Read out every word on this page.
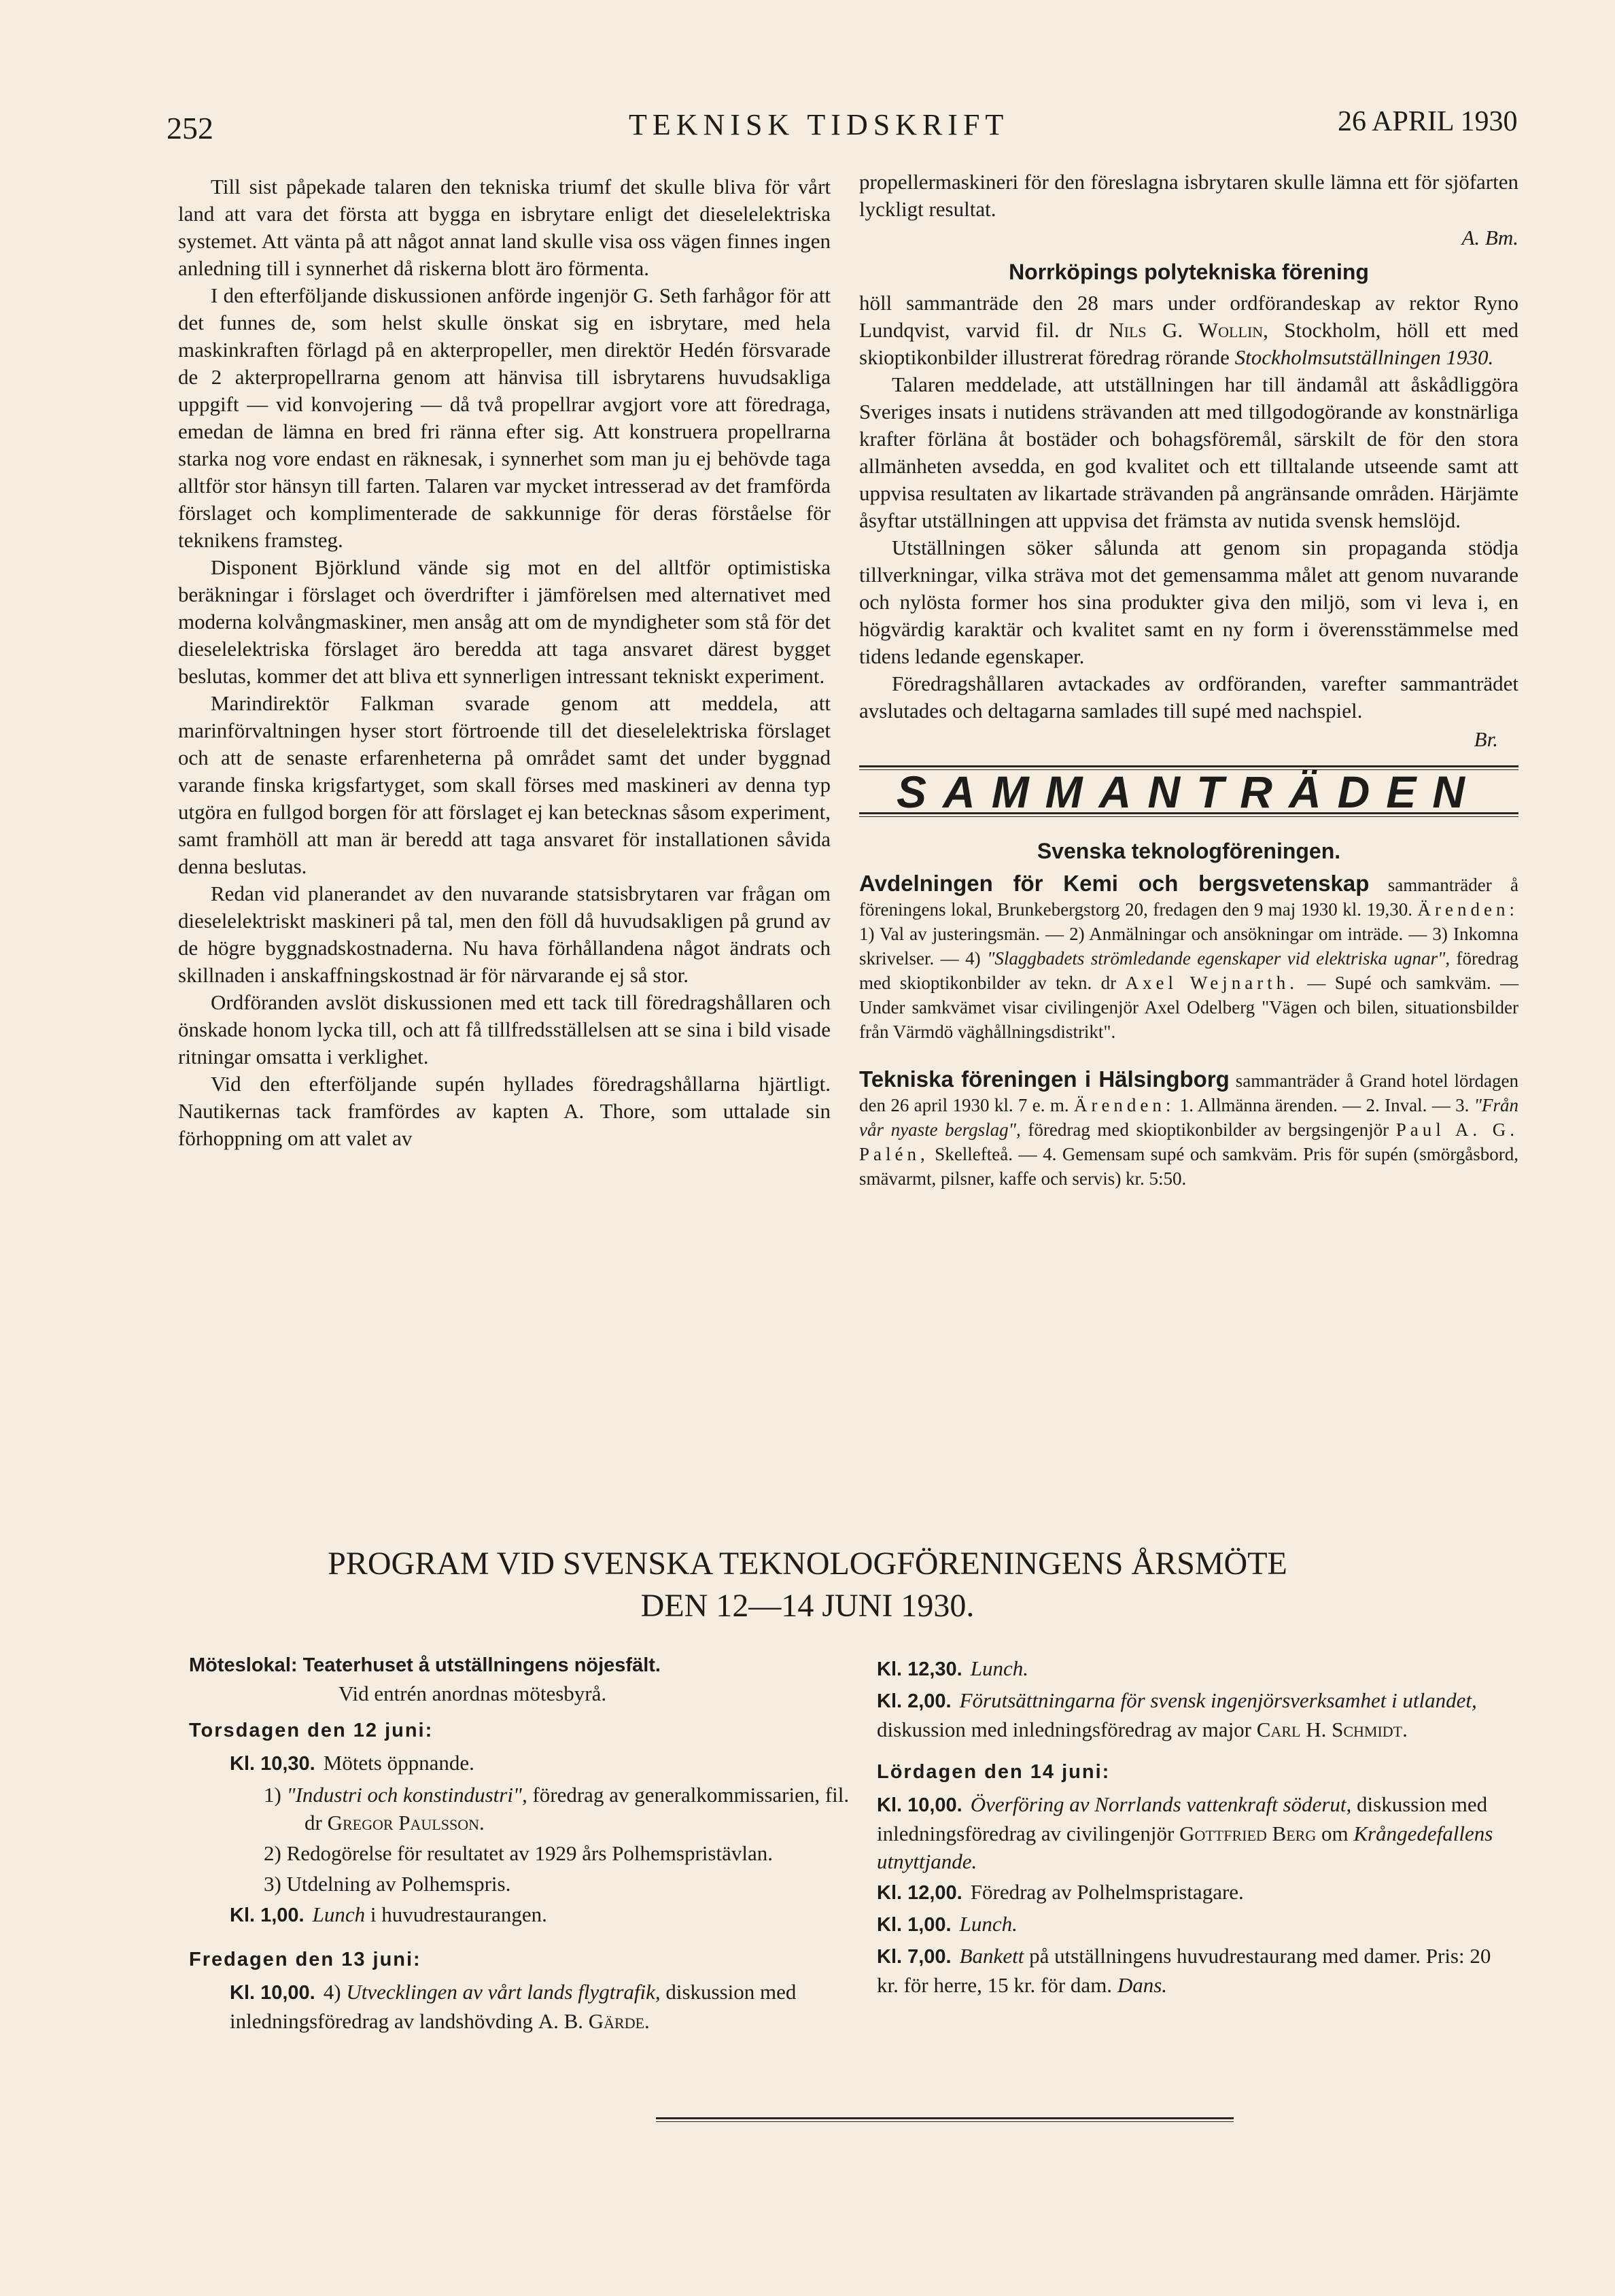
252	TEKNISK TIDSKRIFT	26 APRIL 1930

Till sist påpekade talaren den tekniska triumf det skulle bliva för vårt land att vara det första att bygga en isbrytare enligt det dieselelektriska systemet. Att vänta på att något annat land skulle visa oss vägen finnes ingen anledning till i synnerhet då riskerna blott äro förmenta.

I den efterföljande diskussionen anförde ingenjör G. Seth farhågor för att det funnes de, som helst skulle önskat sig en isbrytare, med hela maskinkraften förlagd på en akterpropeller, men direktör Hedén försvarade de 2 akterpropellrarna genom att hänvisa till isbrytarens huvudsakliga uppgift — vid konvojering — då två propellrar avgjort vore att föredraga, emedan de lämna en bred fri ränna efter sig. Att konstruera propellrarna starka nog vore endast en räknesak, i synnerhet som man ju ej behövde taga alltför stor hänsyn till farten. Talaren var mycket intresserad av det framförda förslaget och komplimenterade de sakkunnige för deras förståelse för teknikens framsteg.

Disponent Björklund vände sig mot en del alltför optimistiska beräkningar i förslaget och överdrifter i jämförelsen med alternativet med moderna kolvångmaskiner, men ansåg att om de myndigheter som stå för det dieselelektriska förslaget äro beredda att taga ansvaret därest bygget beslutas, kommer det att bliva ett synnerligen intressant tekniskt experiment.

Marindirektör Falkman svarade genom att meddela, att marinförvaltningen hyser stort förtroende till det dieselelektriska förslaget och att de senaste erfarenheterna på området samt det under byggnad varande finska krigsfartyget, som skall förses med maskineri av denna typ utgöra en fullgod borgen för att förslaget ej kan betecknas såsom experiment, samt framhöll att man är beredd att taga ansvaret för installationen såvida denna beslutas.

Redan vid planerandet av den nuvarande statsisbrytaren var frågan om dieselelektriskt maskineri på tal, men den föll då huvudsakligen på grund av de högre byggnadskostnaderna. Nu hava förhållandena något ändrats och skillnaden i anskaffningskostnad är för närvarande ej så stor.

Ordföranden avslöt diskussionen med ett tack till föredragshållaren och önskade honom lycka till, och att få tillfredsställelsen att se sina i bild visade ritningar omsatta i verklighet.

Vid den efterföljande supén hyllades föredragshållarna hjärtligt. Nautikernas tack framfördes av kapten A. Thore, som uttalade sin förhoppning om att valet av

propellermaskineri för den föreslagna isbrytaren skulle lämna ett för sjöfarten lyckligt resultat.

A. Bm.
Norrköpings polytekniska förening

höll sammanträde den 28 mars under ordförandeskap av rektor Ryno Lundqvist, varvid fil. dr Nils G. Wollin, Stockholm, höll ett med skioptikonbilder illustrerat föredrag rörande Stockholmsutställningen 1930.

Talaren meddelade, att utställningen har till ändamål att åskådliggöra Sveriges insats i nutidens strävanden att med tillgodogörande av konstnärliga krafter förläna åt bostäder och bohagsföremål, särskilt de för den stora allmänheten avsedda, en god kvalitet och ett tilltalande utseende samt att uppvisa resultaten av likartade strävanden på angränsande områden. Härjämte åsyftar utställningen att uppvisa det främsta av nutida svensk hemslöjd.

Utställningen söker sålunda att genom sin propaganda stödja tillverkningar, vilka sträva mot det gemensamma målet att genom nuvarande och nylösta former hos sina produkter giva den miljö, som vi leva i, en högvärdig karaktär och kvalitet samt en ny form i överensstämmelse med tidens ledande egenskaper.

Föredragshållaren avtackades av ordföranden, varefter sammanträdet avslutades och deltagarna samlades till supé med nachspiel.

Br.
SAMMANTRÄDEN
Svenska teknologföreningen.
Avdelningen för Kemi och bergsvetenskap sammanträder å föreningens lokal, Brunkebergstorg 20, fredagen den 9 maj 1930 kl. 19,30. Ärenden: 1) Val av justeringsmän. — 2) Anmälningar och ansökningar om inträde. — 3) Inkomna skrivelser. — 4) "Slaggbadets strömledande egenskaper vid elektriska ugnar", föredrag med skioptikonbilder av tekn. dr Axel Wejnarth. — Supé och samkväm. — Under samkvämet visar civilingenjör Axel Odelberg "Vägen och bilen, situationsbilder från Värmdö väghållningsdistrikt".
Tekniska föreningen i Hälsingborg sammanträder å Grand hotel lördagen den 26 april 1930 kl. 7 e. m. Ärenden: 1. Allmänna ärenden. — 2. Inval. — 3. "Från vår nyaste bergslag", föredrag med skioptikonbilder av bergsingenjör Paul A. G. Palén, Skellefteå. — 4. Gemensam supé och samkväm. Pris för supén (smörgåsbord, smävarmt, pilsner, kaffe och servis) kr. 5:50.
PROGRAM VID SVENSKA TEKNOLOGFÖRENINGENS ÅRSMÖTE
DEN 12—14 JUNI 1930.
Möteslokal: Teaterhuset å utställningens nöjesfält.
Vid entrén anordnas mötesbyrå.
Torsdagen den 12 juni:
Kl. 10,30. Mötets öppnande.
1) "Industri och konstindustri", föredrag av generalkommissarien, fil. dr Gregor Paulsson.
2) Redogörelse för resultatet av 1929 års Polhemspristävlan.
3) Utdelning av Polhemspris.
Kl. 1,00. Lunch i huvudrestaurangen.
Fredagen den 13 juni:
Kl. 10,00. 4) Utvecklingen av vårt lands flygtrafik, diskussion med inledningsföredrag av landshövding A. B. Gärde.
Kl. 12,30. Lunch.
Kl. 2,00. Förutsättningarna för svensk ingenjörsverksamhet i utlandet, diskussion med inledningsföredrag av major Carl H. Schmidt.
Lördagen den 14 juni:
Kl. 10,00. Överföring av Norrlands vattenkraft söderut, diskussion med inledningsföredrag av civilingenjör Gottfried Berg om Krångedefallens utnyttjande.
Kl. 12,00. Föredrag av Polhelmspristagare.
Kl. 1,00. Lunch.
Kl. 7,00. Bankett på utställningens huvudrestaurang med damer. Pris: 20 kr. för herre, 15 kr. för dam. Dans.
